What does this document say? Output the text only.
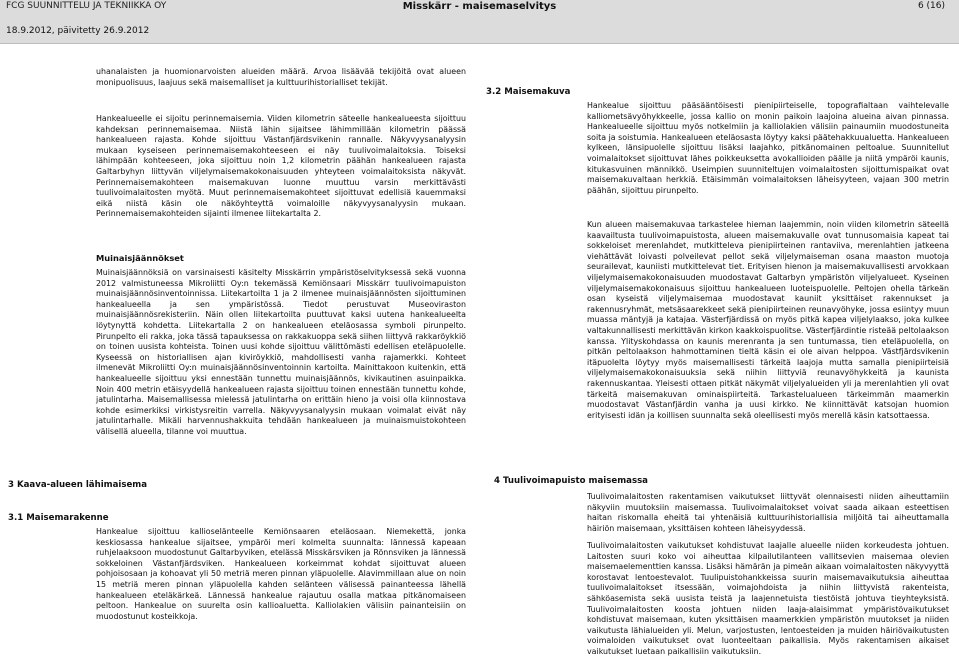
FCG SUUNNITTELU JA TEKNIIKKA OY	Misskärr - maisemaselvitys	6 (16)
18.9.2012, päivitetty 26.9.2012

uhanalaisten ja huomionarvoisten alueiden määrä. Arvoa lisäävää tekijöitä ovat alueen monipuolisuus, laajuus sekä maisemalliset ja kulttuurihistorialliset tekijät.

Hankealueelle ei sijoitu perinnemaisemia. Viiden kilometrin säteelle hankealueesta sijoittuu kahdeksan perinnemaisemaa. Niistä lähin sijaitsee lähimmillään kilometrin päässä hankealueen rajasta. Kohde sijoittuu Västanfjärdsvikenin rannalle. Näkyvyysanalyysin mukaan kyseiseen perinnemaisemakohteeseen ei näy tuulivoimalaitoksia. Toiseksi lähimpään kohteeseen, joka sijoittuu noin 1,2 kilometrin päähän hankealueen rajasta Galtarbyhyn liittyvän viljelymaisemakokonaisuuden yhteyteen voimalaitoksista näkyvät. Perinnemaisemakohteen maisemakuvan luonne muuttuu varsin merkittävästi tuulivoimalaitosten myötä. Muut perinnemaisemakohteet sijoittuvat edellisiä kauemmaksi eikä niistä käsin ole näköyhteyttä voimaloille näkyvyysanalyysin mukaan. Perinnemaisemakohteiden sijainti ilmenee liitekartalta 2.

Muinaisjäännökset

Muinaisjäännöksiä on varsinaisesti käsitelty Misskärrin ympäristöselvityksessä sekä vuonna 2012 valmistuneessa Mikroliitti Oy:n tekemässä Kemiönsaari Misskärr tuulivoimapuiston muinaisjäännösinventoinnissa. Liitekartoilta 1 ja 2 ilmenee muinaisjäännösten sijoittuminen hankealueella ja sen ympäristössä. Tiedot perustuvat Museoviraston muinaisjäännösrekisteriin. Näin ollen liitekartoilta puuttuvat kaksi uutena hankealueelta löytynyttä kohdetta. Liitekartalla 2 on hankealueen eteläosassa symboli pirunpelto. Pirunpelto eli rakka, joka tässä tapauksessa on rakkakuoppa sekä siihen liittyvä rakkaröykkiö on toinen uusista kohteista. Toinen uusi kohde sijoittuu välittömästi edellisen eteläpuolelle. Kyseessä on historiallisen ajan kiviröykkiö, mahdollisesti vanha rajamerkki. Kohteet ilmenevät Mikroliitti Oy:n muinaisjäännösinventoinnin kartoilta. Mainittakoon kuitenkin, että hankealueelle sijoittuu yksi ennestään tunnettu muinaisjäännös, kivikautinen asuinpaikka. Noin 400 metrin etäisyydellä hankealueen rajasta sijoittuu toinen ennestään tunnettu kohde, jatulintarha. Maisemallisessa mielessä jatulintarha on erittäin hieno ja voisi olla kiinnostava kohde esimerkiksi virkistysreitin varrella. Näkyvyysanalyysin mukaan voimalat eivät näy jatulintarhalle. Mikäli harvennushakkuita tehdään hankealueen ja muinaismuistokohteen välisellä alueella, tilanne voi muuttua.

3 Kaava-alueen lähimaisema

3.1 Maisemarakenne

Hankealue sijoittuu kallioselänteelle Kemiönsaaren eteläosaan. Niemekettä, jonka keskiosassa hankealue sijaitsee, ympäröi meri kolmelta suunnalta: lännessä kapeaan ruhjelaaksoon muodostunut Galtarbyviken, etelässä Misskärsviken ja Rönnsviken ja lännessä sokkeloinen Västanfjärdsviken. Hankealueen korkeimmat kohdat sijoittuvat alueen pohjoisosaan ja kohoavat yli 50 metriä meren pinnan yläpuolelle. Alavimmillaan alue on noin 15 metriä meren pinnan yläpuolella kahden selänteen välisessä painanteessa lähellä hankealueen eteläkärkeä. Lännessä hankealue rajautuu osalla matkaa pitkänomaiseen peltoon. Hankealue on suurelta osin kallioaluetta. Kalliolakien välisiin painanteisiin on muodostunut kosteikkoja.

3.2 Maisemakuva

Hankealue sijoittuu pääsääntöisesti pienipiirteiselle, topografialtaan vaihtelevalle kalliometsävyöhykkeelle, jossa kallio on monin paikoin laajoina alueina aivan pinnassa. Hankealueelle sijoittuu myös notkelmiin ja kalliolakien välisiin painaumiin muodostuneita soita ja soistumia. Hankealueen eteläosasta löytyy kaksi päätehakkuualuetta. Hankealueen kylkeen, länsipuolelle sijoittuu lisäksi laajahko, pitkänomainen peltoalue. Suunnitellut voimalaitokset sijoittuvat lähes poikkeuksetta avokallioiden päälle ja niitä ympäröi kaunis, kitukasvuinen männikkö. Useimpien suunniteltujen voimalaitosten sijoittumispaikat ovat maisemakuvaltaan herkkiä. Etäisimmän voimalaitoksen läheisyyteen, vajaan 300 metrin päähän, sijoittuu pirunpelto.

Kun alueen maisemakuvaa tarkastelee hieman laajemmin, noin viiden kilometrin säteellä kaavailtusta tuulivoimapuistosta, alueen maisemakuvalle ovat tunnusomaisia kapeat tai sokkeloiset merenlahdet, mutkitteleva pienipiirteinen rantaviiva, merenlahtien jatkeena viehättävät loivasti polveilevat pellot sekä viljelymaiseman osana maaston muotoja seurailevat, kauniisti mutkittelevat tiet. Erityisen hienon ja maisemakuvallisesti arvokkaan viljelymaisemakokonaisuuden muodostavat Galtarbyn ympäristön viljelyalueet. Kyseinen viljelymaisemakokonaisuus sijoittuu hankealueen luoteispuolelle. Peltojen ohella tärkeän osan kyseistä viljelymaisemaa muodostavat kauniit yksittäiset rakennukset ja rakennusryhmät, metsäsaarekkeet sekä pienipiirteinen reunavyöhyke, jossa esiintyy muun muassa mäntyjä ja katajaa. Västerfjärdissä on myös pitkä kapea viljelylaakso, joka kulkee valtakunnallisesti merkittävän kirkon kaakkoispuolitse. Västerfjärdintie risteää peltolaakson kanssa. Ylityskohdassa on kaunis merenranta ja sen tuntumassa, tien eteläpuolella, on pitkän peltolaakson hahmottaminen tieltä käsin ei ole aivan helppoa. Västfjärdsvikenin itäpuolelta löytyy myös maisemallisesti tärkeitä laajoja mutta samalla pienipiirteisiä viljelymaisemakokonaisuuksia sekä niihin liittyviä reunavyöhykkeitä ja kaunista rakennuskantaa. Yleisesti ottaen pitkät näkymät viljelyalueiden yli ja merenlahtien yli ovat tärkeitä maisemakuvan ominaispiirteitä. Tarkastelualueen tärkeimmän maamerkin muodostavat Västanfjärdin vanha ja uusi kirkko. Ne kiinnittävät katsojan huomion erityisesti idän ja koillisen suunnalta sekä oleellisesti myös merellä käsin katsottaessa.

4 Tuulivoimapuisto maisemassa

Tuulivoimalaitosten rakentamisen vaikutukset liittyvät olennaisesti niiden aiheuttamiin näkyviin muutoksiin maisemassa. Tuulivoimalaitokset voivat saada aikaan esteettisen haitan riskomalla eheitä tai yhtenäisiä kulttuurihistoriallisia miljöitä tai aiheuttamalla häiriön maisemaan, yksittäisen kohteen läheisyydessä.

Tuulivoimalaitosten vaikutukset kohdistuvat laajalle alueelle niiden korkeudesta johtuen. Laitosten suuri koko voi aiheuttaa kilpailutilanteen vallitsevien maisemaa olevien maisemaelementtien kanssa. Lisäksi hämärän ja pimeän aikaan voimalaitosten näkyvyyttä korostavat lentoestevalot. Tuulipuistohankkeissa suurin maisemavaikutuksia aiheuttaa tuulivoimalaitokset itsessään, voimajohdoista ja niihin liittyvistä rakenteista, sähköasemista sekä uusista teistä ja laajennetuista tiestöistä johtuva tieyhteyksistä. Tuulivoimalaitosten koosta johtuen niiden laaja-alaisimmat ympäristövaikutukset kohdistuvat maisemaan, kuten yksittäisen maamerkkien ympäristön muutokset ja niiden vaikutusta lähialueiden yli. Melun, varjostusten, lentoesteiden ja muiden häiriövaikutusten voimaloiden vaikutukset ovat luonteeltaan paikallisia. Myös rakentamisen aikaiset vaikutukset luetaan paikallisiin vaikutuksiin.
